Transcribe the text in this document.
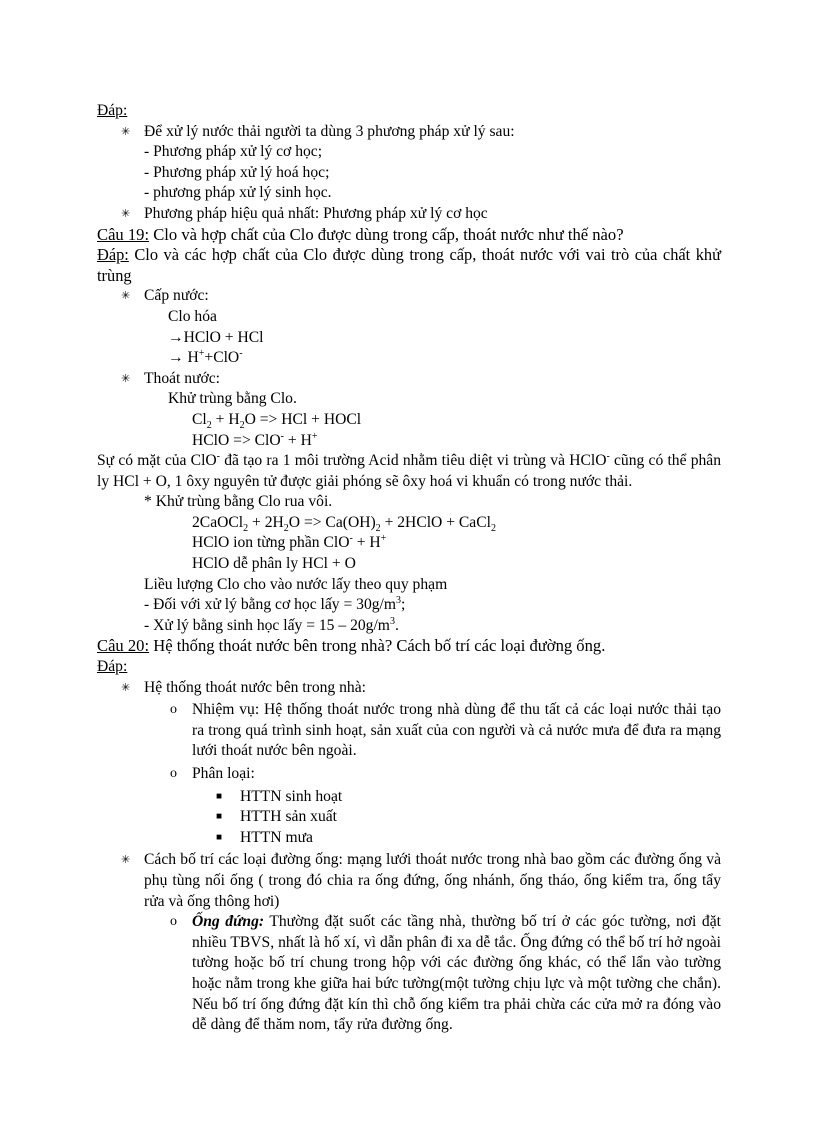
Đáp:
✳ Để xử lý nước thải người ta dùng 3 phương pháp xử lý sau:
- Phương pháp xử lý cơ học;
- Phương pháp xử lý hoá học;
- phương pháp xử lý sinh học.
✳ Phương pháp hiệu quả nhất: Phương pháp xử lý cơ học
Câu 19: Clo và hợp chất của Clo được dùng trong cấp, thoát nước như thế nào?
Đáp: Clo và các hợp chất của Clo được dùng trong cấp, thoát nước với vai trò của chất khử trùng
✳ Cấp nước:
Clo hóa
→HClO + HCl
→ H++ClO-
✳ Thoát nước:
Khử trùng bằng Clo.
$Cl_2 + H_2O$ => HCl + HOCl
HClO => ClO- + H+
Sự có mặt của ClO- đã tạo ra 1 môi trường Acid nhằm tiêu diệt vi trùng và HClO- cũng có thể phân ly HCl + O, 1 ôxy nguyên tử được giải phóng sẽ ôxy hoá vi khuẩn có trong nước thải.
* Khử trùng bằng Clo rua vôi.
2CaOCl$_2$ + $2H_2O => Ca(OH)_2$ + 2HClO + CaCl$_2$
HClO ion từng phần ClO- + H+
HClO dễ phân ly HCl + O
Liều lượng Clo cho vào nước lấy theo quy phạm
- Đối với xử lý bằng cơ học lấy = $30g/m^3$;
- Xử lý bằng sinh học lấy = $15 - 20g/m^3$.
Câu 20: Hệ thống thoát nước bên trong nhà? Cách bố trí các loại đường ống.
Đáp:
✳ Hệ thống thoát nước bên trong nhà:
o Nhiệm vụ: Hệ thống thoát nước trong nhà dùng để thu tất cả các loại nước thải tạo ra trong quá trình sinh hoạt, sản xuất của con người và cả nước mưa để đưa ra mạng lưới thoát nước bên ngoài.
o Phân loại:
■ HTTN sinh hoạt
■ HTTH sản xuất
■ HTTN mưa
✳ Cách bố trí các loại đường ống: mạng lưới thoát nước trong nhà bao gồm các đường ống và phụ tùng nối ống ( trong đó chia ra ống đứng, ống nhánh, ống tháo, ống kiểm tra, ống tẩy rửa và ống thông hơi)
o Ống đứng: Thường đặt suốt các tầng nhà, thường bố trí ở các góc tường, nơi đặt nhiều TBVS, nhất là hố xí, vì dẫn phân đi xa dễ tắc. Ống đứng có thể bố trí hở ngoài tường hoặc bố trí chung trong hộp với các đường ống khác, có thể lẩn vào tường hoặc nằm trong khe giữa hai bức tường(một tường chịu lực và một tường che chắn). Nếu bố trí ống đứng đặt kín thì chỗ ống kiểm tra phải chừa các cửa mở ra đóng vào dễ dàng để thăm nom, tẩy rửa đường ống.
